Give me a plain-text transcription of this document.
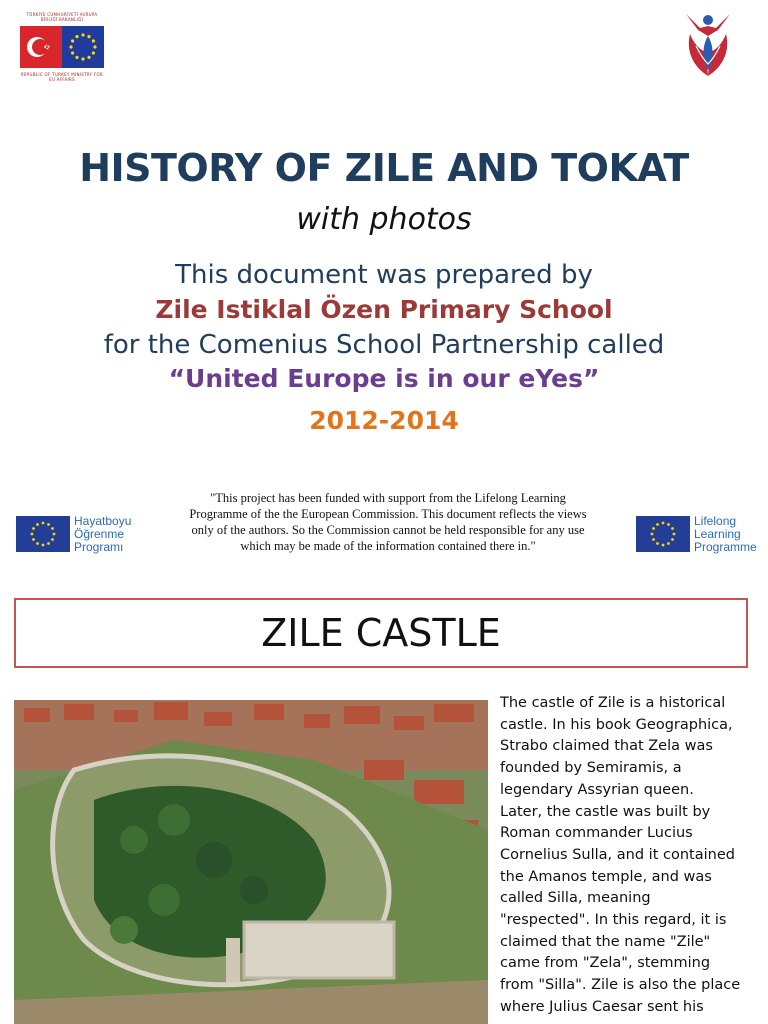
TÜRKİYE CUMHURİYETİ AVRUPA BİRLİĞİ BAKANLIĞI
REPUBLIC OF TURKEY MINISTRY FOR EU AFFAIRS
HISTORY OF ZILE AND TOKAT
with photos
This document was prepared by
Zile Istiklal Özen Primary School
for the Comenius School Partnership called
“United Europe is in our eYes”
2012-2014
Hayatboyu
Öğrenme
Programı
"This project has been funded with support from the Lifelong Learning
Programme of the the European Commission. This document reflects the views
only of the authors. So the Commission cannot be held responsible for any use
which may be made of the information contained there in."
Lifelong
Learning
Programme
ZILE CASTLE
The castle of Zile is a historical
castle. In his book Geographica,
Strabo claimed that Zela was
founded by Semiramis, a
legendary Assyrian queen.
Later, the castle was built by
Roman commander Lucius
Cornelius Sulla, and it contained
the Amanos temple, and was
called Silla, meaning
"respected". In this regard, it is
claimed that the name "Zile"
came from "Zela", stemming
from "Silla". Zile is also the place
where Julius Caesar sent his
